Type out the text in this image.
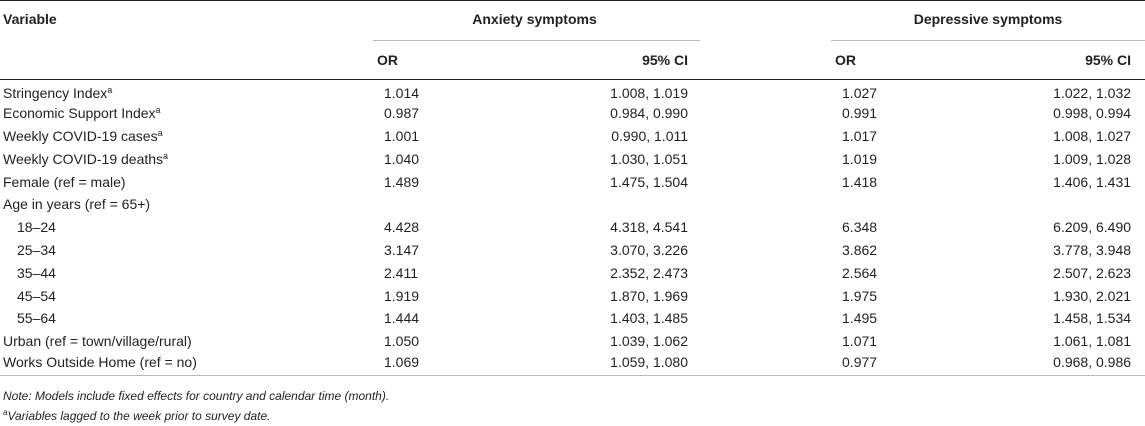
Variable	Anxiety symptoms			Depressive symptoms	

	OR	95% CI		OR	95% CI
Stringency Index$^a$	1.014	1.008, 1.019		1.027	1.022, 1.032
Economic Support Index$^a$	0.987	0.984, 0.990		0.991	0.998, 0.994
Weekly COVID-19 cases$^a$	1.001	0.990, 1.011		1.017	1.008, 1.027
Weekly COVID-19 deaths$^a$	1.040	1.030, 1.051		1.019	1.009, 1.028
Female (ref = male)	1.489	1.475, 1.504		1.418	1.406, 1.431
Age in years (ref = 65+)					
18–24	4.428	4.318, 4.541		6.348	6.209, 6.490
25–34	3.147	3.070, 3.226		3.862	3.778, 3.948
35–44	2.411	2.352, 2.473		2.564	2.507, 2.623
45–54	1.919	1.870, 1.969		1.975	1.930, 2.021
55–64	1.444	1.403, 1.485		1.495	1.458, 1.534
Urban (ref = town/village/rural)	1.050	1.039, 1.062		1.071	1.061, 1.081
Works Outside Home (ref = no)	1.069	1.059, 1.080		0.977	0.968, 0.986
Note: Models include fixed effects for country and calendar time (month).
$^a$Variables lagged to the week prior to survey date.
